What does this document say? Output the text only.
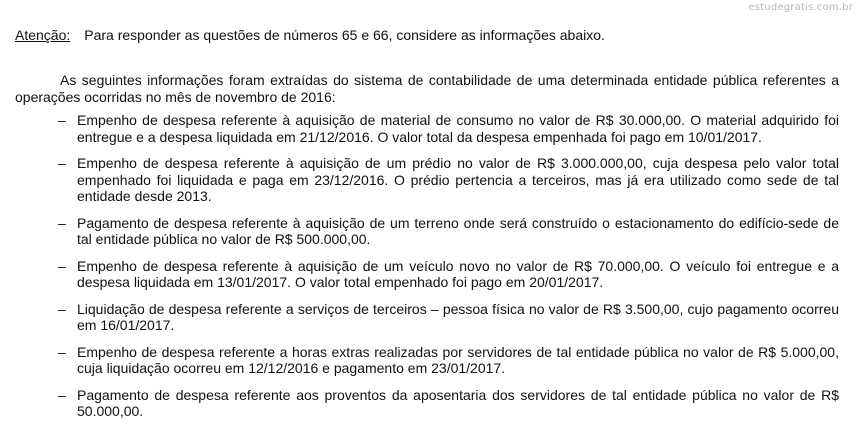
estudegratis.com.br
Atenção: Para responder as questões de números 65 e 66, considere as informações abaixo.

As seguintes informações foram extraídas do sistema de contabilidade de uma determinada entidade pública referentes a operações ocorridas no mês de novembro de 2016:

– Empenho de despesa referente à aquisição de material de consumo no valor de R$ 30.000,00. O material adquirido foi entregue e a despesa liquidada em 21/12/2016. O valor total da despesa empenhada foi pago em 10/01/2017.
– Empenho de despesa referente à aquisição de um prédio no valor de R$ 3.000.000,00, cuja despesa pelo valor total empenhado foi liquidada e paga em 23/12/2016. O prédio pertencia a terceiros, mas já era utilizado como sede de tal entidade desde 2013.
– Pagamento de despesa referente à aquisição de um terreno onde será construído o estacionamento do edifício-sede de tal entidade pública no valor de R$ 500.000,00.
– Empenho de despesa referente à aquisição de um veículo novo no valor de R$ 70.000,00. O veículo foi entregue e a despesa liquidada em 13/01/2017. O valor total empenhado foi pago em 20/01/2017.
– Liquidação de despesa referente a serviços de terceiros – pessoa física no valor de R$ 3.500,00, cujo pagamento ocorreu em 16/01/2017.
– Empenho de despesa referente a horas extras realizadas por servidores de tal entidade pública no valor de R$ 5.000,00, cuja liquidação ocorreu em 12/12/2016 e pagamento em 23/01/2017.
– Pagamento de despesa referente aos proventos da aposentaria dos servidores de tal entidade pública no valor de R$ 50.000,00.
